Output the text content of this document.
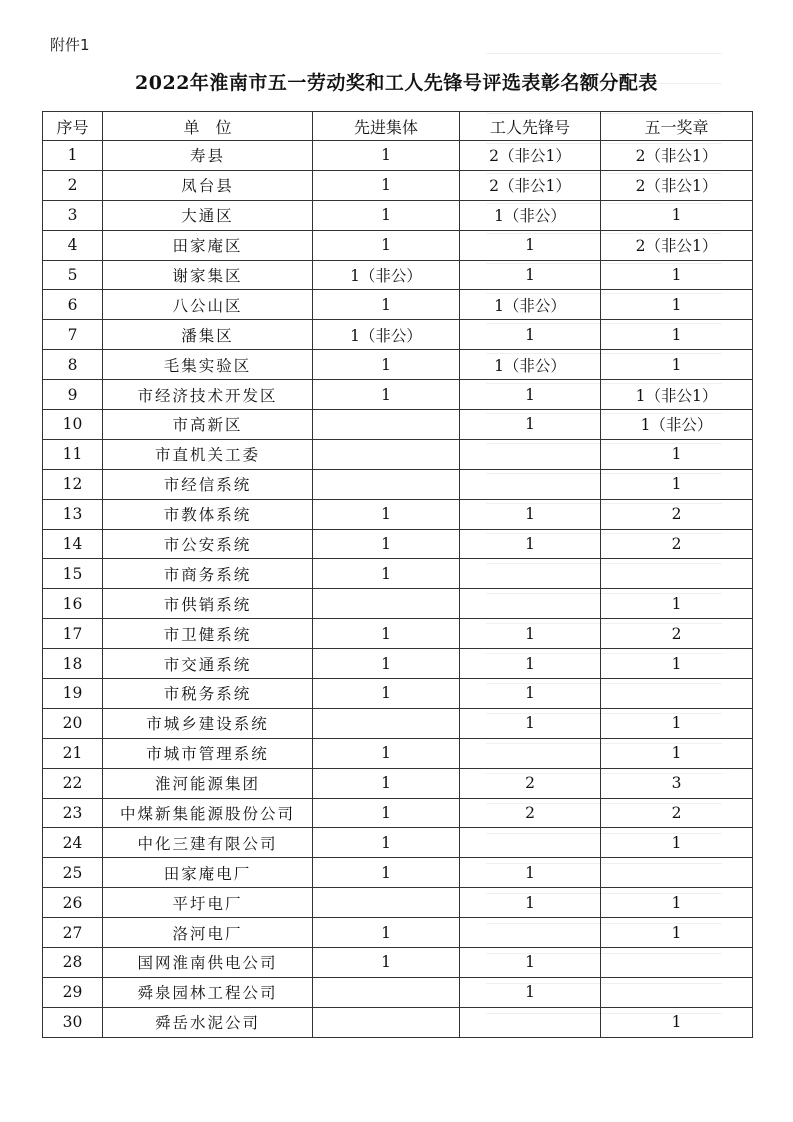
附件1
2022年淮南市五一劳动奖和工人先锋号评选表彰名额分配表
序号	单　位	先进集体	工人先锋号	五一奖章
1	寿县	1	2（非公1）	2（非公1）
2	凤台县	1	2（非公1）	2（非公1）
3	大通区	1	1（非公）	1
4	田家庵区	1	1	2（非公1）
5	谢家集区	1（非公）	1	1
6	八公山区	1	1（非公）	1
7	潘集区	1（非公）	1	1
8	毛集实验区	1	1（非公）	1
9	市经济技术开发区	1	1	1（非公1）
10	市高新区		1	1（非公）
11	市直机关工委			1
12	市经信系统			1
13	市教体系统	1	1	2
14	市公安系统	1	1	2
15	市商务系统	1		
16	市供销系统			1
17	市卫健系统	1	1	2
18	市交通系统	1	1	1
19	市税务系统	1	1	
20	市城乡建设系统		1	1
21	市城市管理系统	1		1
22	淮河能源集团	1	2	3
23	中煤新集能源股份公司	1	2	2
24	中化三建有限公司	1		1
25	田家庵电厂	1	1	
26	平圩电厂		1	1
27	洛河电厂	1		1
28	国网淮南供电公司	1	1	
29	舜泉园林工程公司		1	
30	舜岳水泥公司			1
